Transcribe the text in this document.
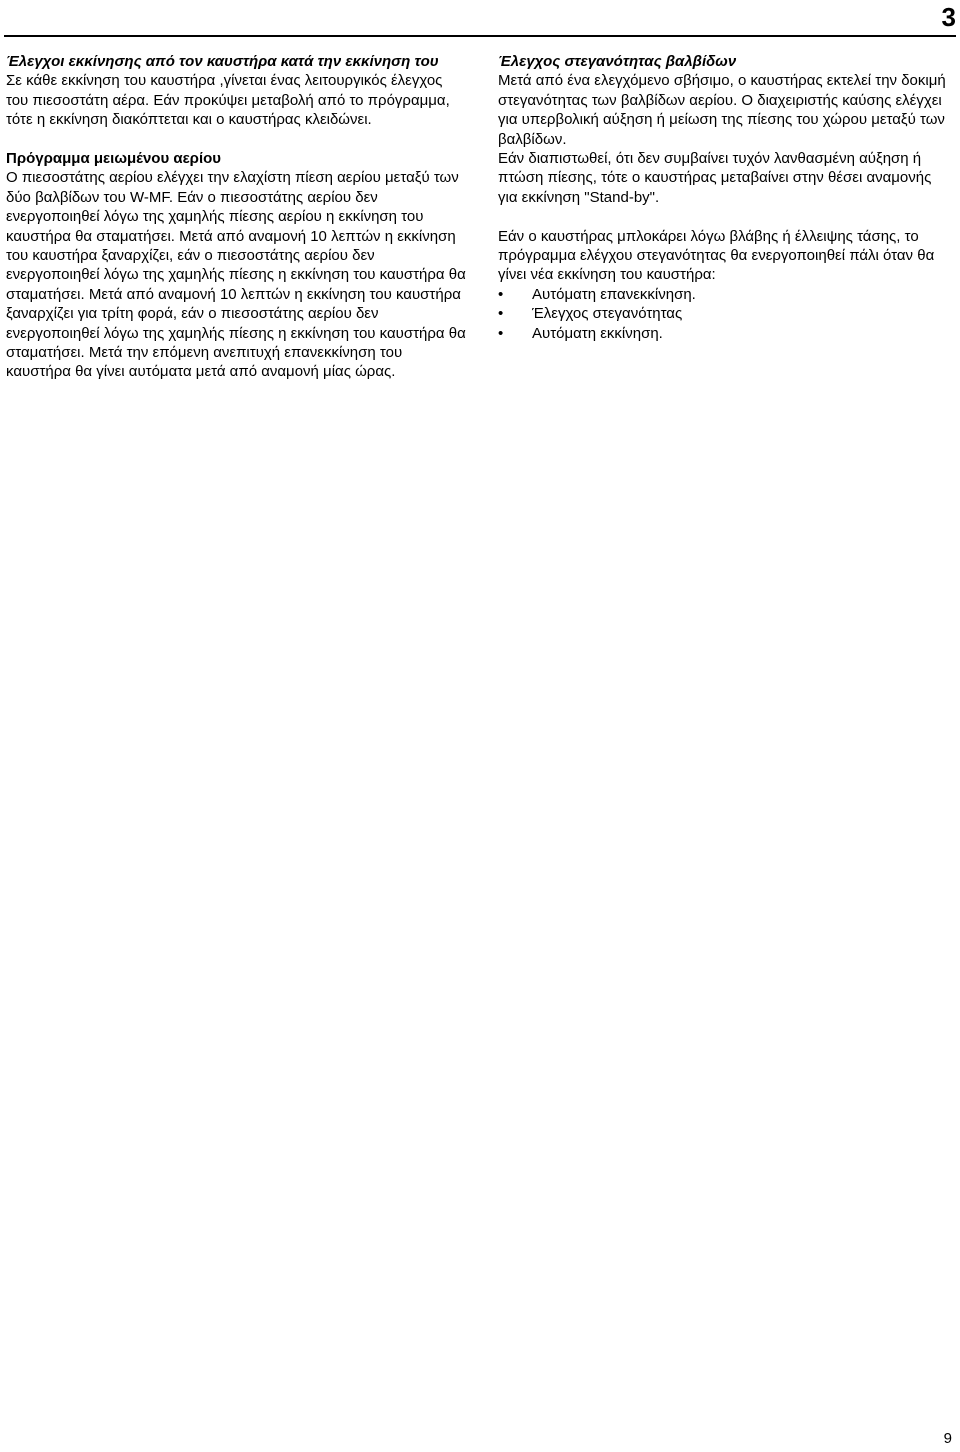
3
Έλεγχοι εκκίνησης από τον καυστήρα κατά την εκκίνηση του
Σε κάθε εκκίνηση του καυστήρα ,γίνεται ένας λειτουργικός έλεγχος του πιεσοστάτη αέρα. Εάν προκύψει μεταβολή από το πρόγραμμα, τότε η εκκίνηση διακόπτεται και ο καυστήρας κλειδώνει.
Πρόγραμμα μειωμένου αερίου
Ο πιεσοστάτης αερίου ελέγχει την ελαχίστη πίεση αερίου μεταξύ των δύο βαλβίδων του W-MF. Εάν ο πιεσοστάτης αερίου δεν ενεργοποιηθεί λόγω της χαμηλής πίεσης αερίου η εκκίνηση του καυστήρα θα σταματήσει. Μετά από αναμονή 10 λεπτών η εκκίνηση του καυστήρα ξαναρχίζει, εάν ο πιεσοστάτης αερίου δεν ενεργοποιηθεί λόγω της χαμηλής πίεσης η εκκίνηση του καυστήρα θα σταματήσει. Μετά από αναμονή 10 λεπτών η εκκίνηση του καυστήρα ξαναρχίζει για τρίτη φορά, εάν ο πιεσοστάτης αερίου δεν ενεργοποιηθεί λόγω της χαμηλής πίεσης η εκκίνηση του καυστήρα θα σταματήσει. Μετά την επόμενη ανεπιτυχή επανεκκίνηση του καυστήρα θα γίνει αυτόματα μετά από αναμονή μίας ώρας.
Έλεγχος στεγανότητας βαλβίδων
Μετά από ένα ελεγχόμενο σβήσιμο, ο καυστήρας εκτελεί την δοκιμή στεγανότητας των βαλβίδων αερίου. Ο διαχειριστής καύσης ελέγχει για υπερβολική αύξηση ή μείωση της πίεσης του χώρου μεταξύ των βαλβίδων.
Εάν διαπιστωθεί, ότι δεν συμβαίνει τυχόν λανθασμένη αύξηση ή πτώση πίεσης, τότε ο καυστήρας μεταβαίνει στην θέσει αναμονής για εκκίνηση "Stand-by".
Εάν ο καυστήρας μπλοκάρει λόγω βλάβης ή έλλειψης τάσης, το πρόγραμμα ελέγχου στεγανότητας θα ενεργοποιηθεί πάλι όταν θα γίνει νέα εκκίνηση του καυστήρα:
•	Αυτόματη επανεκκίνηση.
•	Έλεγχος στεγανότητας
•	Αυτόματη εκκίνηση.
9
